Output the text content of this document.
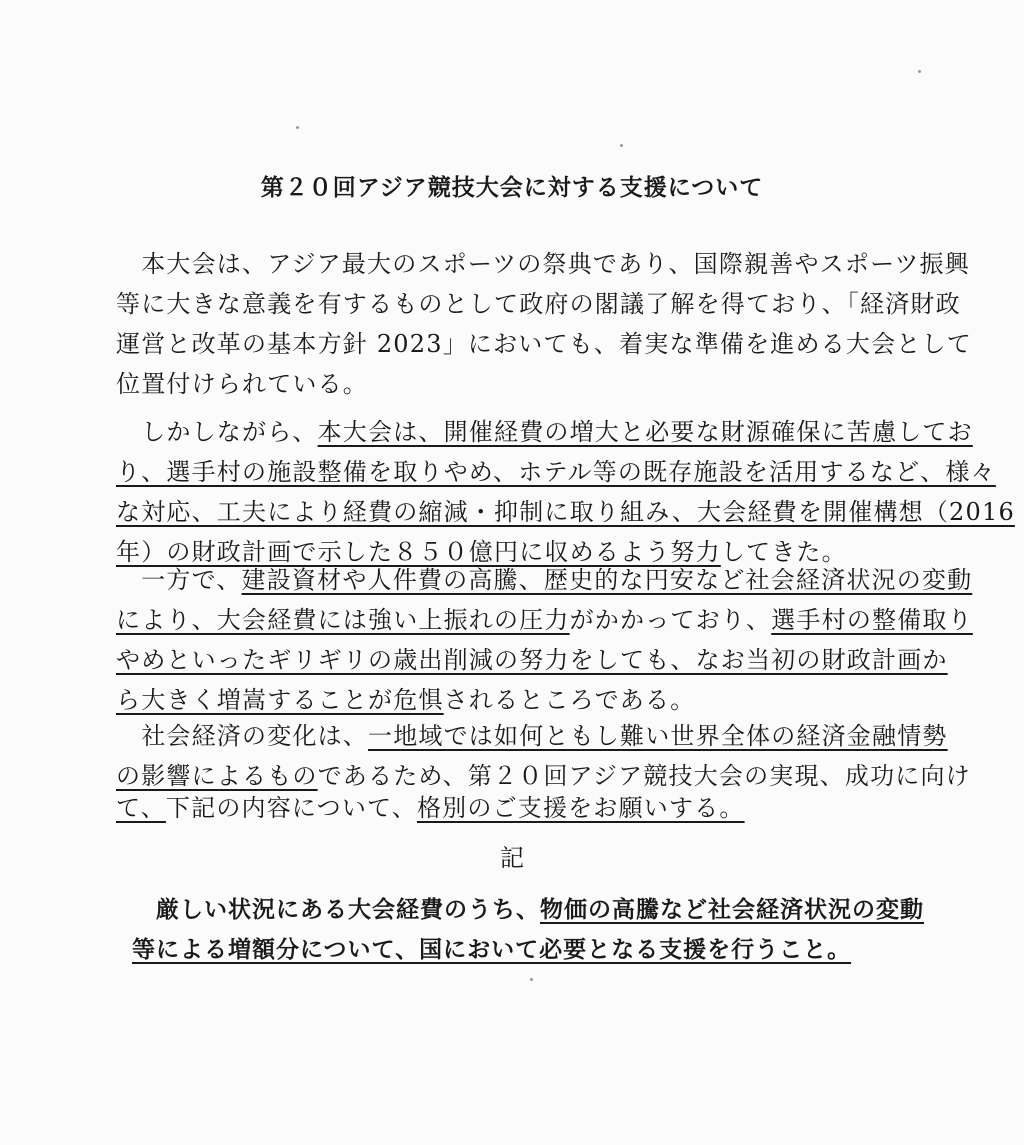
第２０回アジア競技大会に対する支援について
　本大会は、アジア最大のスポーツの祭典であり、国際親善やスポーツ振興
等に大きな意義を有するものとして政府の閣議了解を得ており、「経済財政
運営と改革の基本方針 2023」においても、着実な準備を進める大会として
位置付けられている。
　しかしながら、本大会は、開催経費の増大と必要な財源確保に苦慮してお
り、選手村の施設整備を取りやめ、ホテル等の既存施設を活用するなど、様々
な対応、工夫により経費の縮減・抑制に取り組み、大会経費を開催構想（2016
年）の財政計画で示した８５０億円に収めるよう努力してきた。
　一方で、建設資材や人件費の高騰、歴史的な円安など社会経済状況の変動
により、大会経費には強い上振れの圧力がかかっており、選手村の整備取り
やめといったギリギリの歳出削減の努力をしても、なお当初の財政計画か
ら大きく増嵩することが危惧されるところである。
　社会経済の変化は、一地域では如何ともし難い世界全体の経済金融情勢
の影響によるものであるため、第２０回アジア競技大会の実現、成功に向け
て、下記の内容について、格別のご支援をお願いする。
記
　厳しい状況にある大会経費のうち、物価の高騰など社会経済状況の変動
等による増額分について、国において必要となる支援を行うこと。
